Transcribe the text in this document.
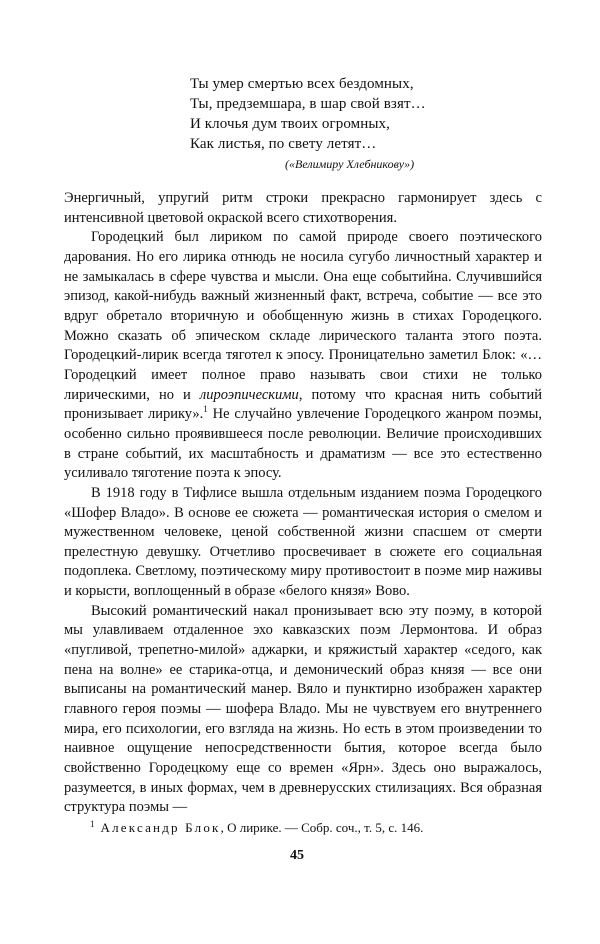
Ты умер смертью всех бездомных,
Ты, предземшара, в шар свой взят…
И клочья дум твоих огромных,
Как листья, по свету летят…
(«Велимиру Хлебникову»)

Энергичный, упругий ритм строки прекрасно гармонирует здесь с интенсивной цветовой окраской всего стихотворения.

Городецкий был лириком по самой природе своего поэтического дарования. Но его лирика отнюдь не носила сугубо личностный характер и не замыкалась в сфере чувства и мысли. Она еще событийна. Случившийся эпизод, какой-нибудь важный жизненный факт, встреча, событие — все это вдруг обретало вторичную и обобщенную жизнь в стихах Городецкого. Можно сказать об эпическом складе лирического таланта этого поэта. Городецкий-лирик всегда тяготел к эпосу. Проницательно заметил Блок: «…Городецкий имеет полное право называть свои стихи не только лирическими, но и лироэпическими, потому что красная нить событий пронизывает лирику».$^1$ Не случайно увлечение Городецкого жанром поэмы, особенно сильно проявившееся после революции. Величие происходивших в стране событий, их масштабность и драматизм — все это естественно усиливало тяготение поэта к эпосу.

В 1918 году в Тифлисе вышла отдельным изданием поэма Городецкого «Шофер Владо». В основе ее сюжета — романтическая история о смелом и мужественном человеке, ценой собственной жизни спасшем от смерти прелестную девушку. Отчетливо просвечивает в сюжете его социальная подоплека. Светлому, поэтическому миру противостоит в поэме мир наживы и корысти, воплощенный в образе «белого князя» Вово.

Высокий романтический накал пронизывает всю эту поэму, в которой мы улавливаем отдаленное эхо кавказских поэм Лермонтова. И образ «пугливой, трепетно-милой» аджарки, и кряжистый характер «седого, как пена на волне» ее старика-отца, и демонический образ князя — все они выписаны на романтический манер. Вяло и пунктирно изображен характер главного героя поэмы — шофера Владо. Мы не чувствуем его внутреннего мира, его психологии, его взгляда на жизнь. Но есть в этом произведении то наивное ощущение непосредственности бытия, которое всегда было свойственно Городецкому еще со времен «Ярн». Здесь оно выражалось, разумеется, в иных формах, чем в древнерусских стилизациях. Вся образная структура поэмы —

$^1$ Александр Блок, О лирике. — Собр. соч., т. 5, с. 146.
45
